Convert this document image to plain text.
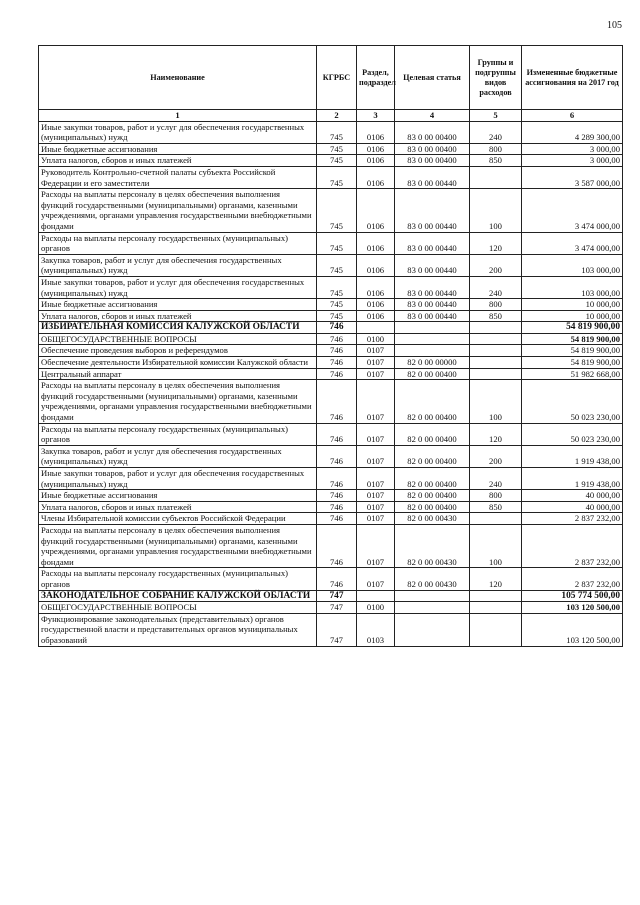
105
Наименование	КГРБС	Раздел, подраздел	Целевая статья	Группы и подгруппы видов расходов	Измененные бюджетные ассигнования на 2017 год
1	2	3	4	5	6
Иные закупки товаров, работ и услуг для обеспечения государственных (муниципальных) нужд	745	0106	83 0 00 00400	240	4 289 300,00
Иные бюджетные ассигнования	745	0106	83 0 00 00400	800	3 000,00
Уплата налогов, сборов и иных платежей	745	0106	83 0 00 00400	850	3 000,00
Руководитель Контрольно-счетной палаты субъекта Российской Федерации и его заместители	745	0106	83 0 00 00440		3 587 000,00
Расходы на выплаты персоналу в целях обеспечения выполнения функций государственными (муниципальными) органами, казенными учреждениями, органами управления государственными внебюджетными фондами	745	0106	83 0 00 00440	100	3 474 000,00
Расходы на выплаты персоналу государственных (муниципальных) органов	745	0106	83 0 00 00440	120	3 474 000,00
Закупка товаров, работ и услуг для обеспечения государственных (муниципальных) нужд	745	0106	83 0 00 00440	200	103 000,00
Иные закупки товаров, работ и услуг для обеспечения государственных (муниципальных) нужд	745	0106	83 0 00 00440	240	103 000,00
Иные бюджетные ассигнования	745	0106	83 0 00 00440	800	10 000,00
Уплата налогов, сборов и иных платежей	745	0106	83 0 00 00440	850	10 000,00
ИЗБИРАТЕЛЬНАЯ КОМИССИЯ КАЛУЖСКОЙ ОБЛАСТИ	746				54 819 900,00
ОБЩЕГОСУДАРСТВЕННЫЕ ВОПРОСЫ	746	0100			54 819 900,00
Обеспечение проведения выборов и референдумов	746	0107			54 819 900,00
Обеспечение деятельности Избирательной комиссии Калужской области	746	0107	82 0 00 00000		54 819 900,00
Центральный аппарат	746	0107	82 0 00 00400		51 982 668,00
Расходы на выплаты персоналу в целях обеспечения выполнения функций государственными (муниципальными) органами, казенными учреждениями, органами управления государственными внебюджетными фондами	746	0107	82 0 00 00400	100	50 023 230,00
Расходы на выплаты персоналу государственных (муниципальных) органов	746	0107	82 0 00 00400	120	50 023 230,00
Закупка товаров, работ и услуг для обеспечения государственных (муниципальных) нужд	746	0107	82 0 00 00400	200	1 919 438,00
Иные закупки товаров, работ и услуг для обеспечения государственных (муниципальных) нужд	746	0107	82 0 00 00400	240	1 919 438,00
Иные бюджетные ассигнования	746	0107	82 0 00 00400	800	40 000,00
Уплата налогов, сборов и иных платежей	746	0107	82 0 00 00400	850	40 000,00
Члены Избирательной комиссии субъектов Российской Федерации	746	0107	82 0 00 00430		2 837 232,00
Расходы на выплаты персоналу в целях обеспечения выполнения функций государственными (муниципальными) органами, казенными учреждениями, органами управления государственными внебюджетными фондами	746	0107	82 0 00 00430	100	2 837 232,00
Расходы на выплаты персоналу государственных (муниципальных) органов	746	0107	82 0 00 00430	120	2 837 232,00
ЗАКОНОДАТЕЛЬНОЕ СОБРАНИЕ КАЛУЖСКОЙ ОБЛАСТИ	747				105 774 500,00
ОБЩЕГОСУДАРСТВЕННЫЕ ВОПРОСЫ	747	0100			103 120 500,00
Функционирование законодательных (представительных) органов государственной власти и представительных органов муниципальных образований	747	0103			103 120 500,00
